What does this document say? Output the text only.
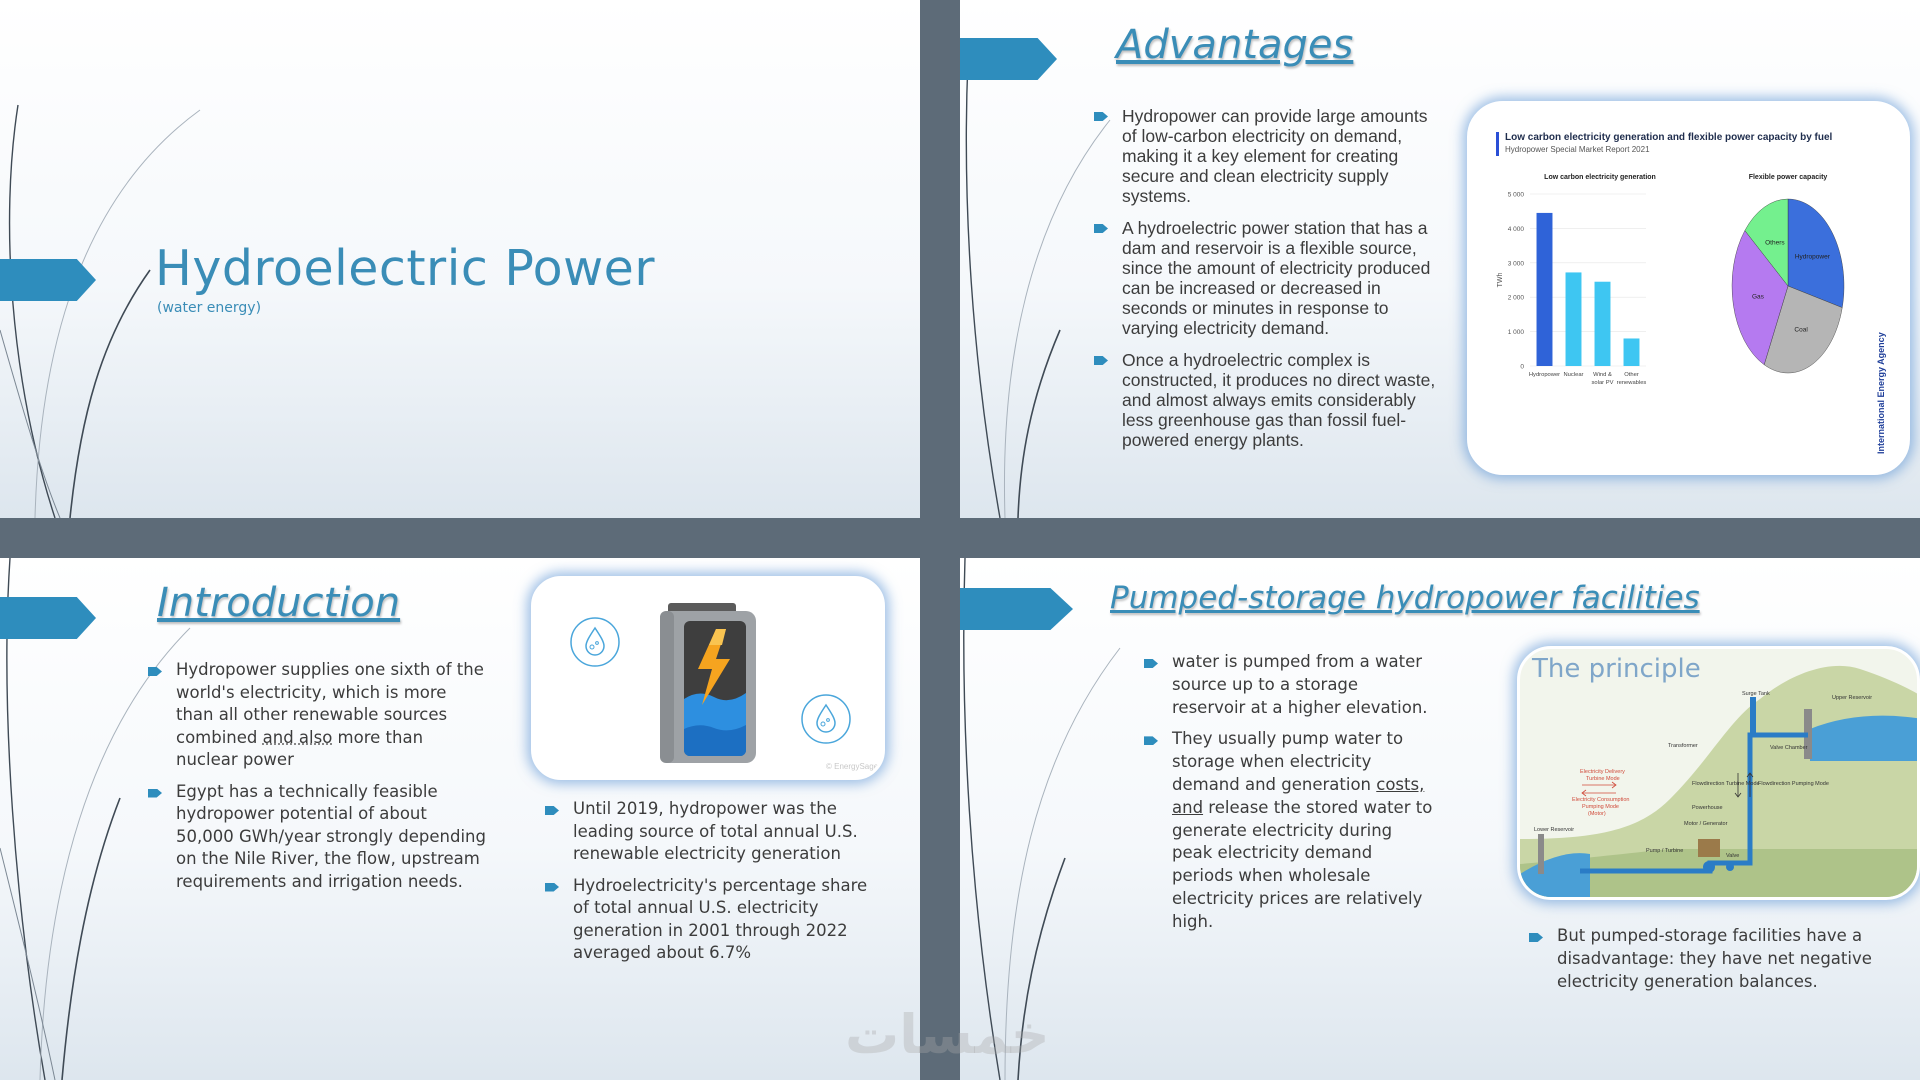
Hydroelectric Power
(water energy)
Advantages
Hydropower can provide large amounts of low-carbon electricity on demand, making it a key element for creating secure and clean electricity supply systems.
A hydroelectric power station that has a dam and reservoir is a flexible source, since the amount of electricity produced can be increased or decreased in seconds or minutes in response to varying electricity demand.
Once a hydroelectric complex is constructed, it produces no direct waste, and almost always emits considerably less greenhouse gas than fossil fuel-powered energy plants.
Low carbon electricity generation and flexible power capacity by fuel
Hydropower Special Market Report 2021
Low carbon electricity generation
TWh
0
1 000
2 000
3 000
4 000
5 000
Hydropower Nuclear Wind & solar PV
Other renewables
Flexible power capacity
Hydropower
Coal
Gas
Others
International Energy Agency
Introduction
Hydropower supplies one sixth of the world's electricity, which is more than all other renewable sources combined and also more than nuclear power
Egypt has a technically feasible hydropower potential of about 50,000 GWh/year strongly depending on the Nile River, the flow, upstream requirements and irrigation needs.
© EnergySage
Until 2019, hydropower was the leading source of total annual U.S. renewable electricity generation
Hydroelectricity's percentage share of total annual U.S. electricity generation in 2001 through 2022 averaged about 6.7%
Pumped-storage hydropower facilities
water is pumped from a water source up to a storage reservoir at a higher elevation.
They usually pump water to storage when electricity demand and generation costs, and release the stored water to generate electricity during peak electricity demand periods when wholesale electricity prices are relatively high.
The principle
Surge Tank
Upper Reservoir
Valve Chamber
Transformer
Electricity Delivery
Turbine Mode
Electricity Consumption
Pumping Mode
(Motor)
Flowdirection Turbine Mode
Flowdirection Pumping Mode
Powerhouse
Motor / Generator
Lower Reservoir
Pump / Turbine
Valve
But pumped-storage facilities have a disadvantage: they have net negative electricity generation balances.
خمسات
